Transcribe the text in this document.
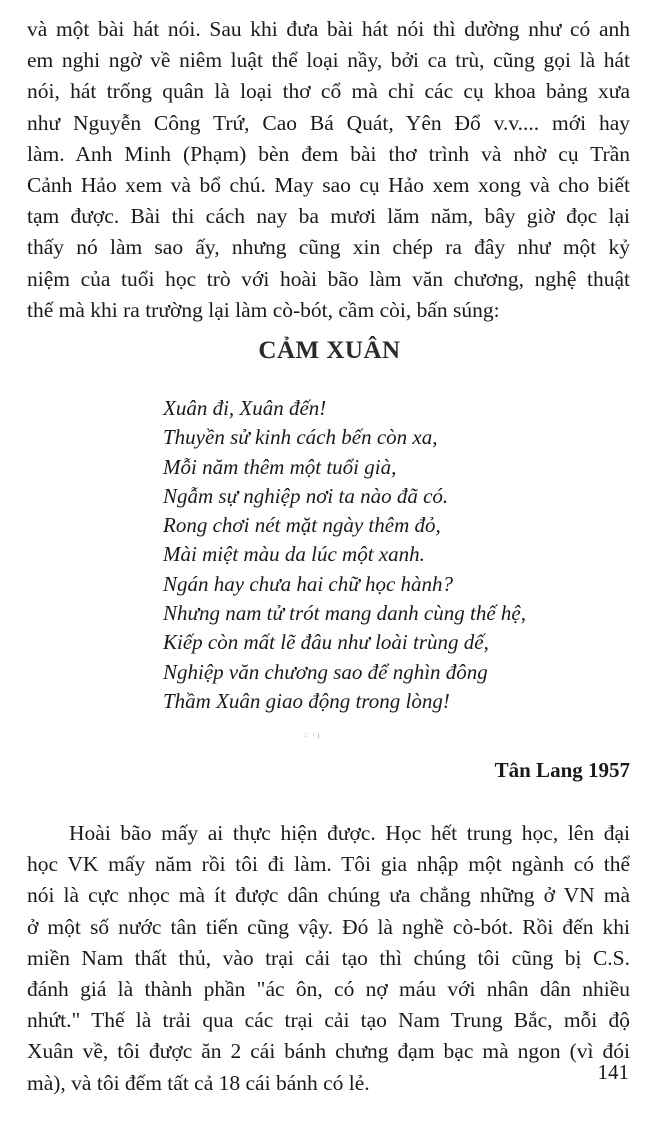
và một bài hát nói. Sau khi đưa bài hát nói thì dường như có anh
em nghi ngờ về niêm luật thể loại nầy, bởi ca trù, cũng gọi là hát
nói, hát trống quân là loại thơ cổ mà chỉ các cụ khoa bảng xưa
như Nguyễn Công Trứ, Cao Bá Quát, Yên Đổ v.v.... mới hay
làm. Anh Minh (Phạm) bèn đem bài thơ trình và nhờ cụ Trần
Cảnh Hảo xem và bổ chú. May sao cụ Hảo xem xong và cho biết
tạm được. Bài thi cách nay ba mươi lăm năm, bây giờ đọc lại
thấy nó làm sao ấy, nhưng cũng xin chép ra đây như một kỷ
niệm của tuổi học trò với hoài bão làm văn chương, nghệ thuật
thế mà khi ra trường lại làm cò-bót, cầm còi, bấn súng:
CẢM XUÂN
Xuân đi, Xuân đến!
Thuyền sử kinh cách bến còn xa,
Mỗi năm thêm một tuổi già,
Ngẫm sự nghiệp nơi ta nào đã có.
Rong chơi nét mặt ngày thêm đỏ,
Mài miệt màu da lúc một xanh.
Ngán hay chưa hai chữ học hành?
Nhưng nam tử trót mang danh cùng thế hệ,
Kiếp còn mất lẽ đâu như loài trùng dế,
Nghiệp văn chương sao để nghìn đông
Thầm Xuân giao động trong lòng!
⁘ ⋅ ı
Tân Lang 1957
Hoài bão mấy ai thực hiện được. Học hết trung học, lên đại
học VK mấy năm rồi tôi đi làm. Tôi gia nhập một ngành có thể
nói là cực nhọc mà ít được dân chúng ưa chẳng những ở VN mà
ở một số nước tân tiến cũng vậy. Đó là nghề cò-bót. Rồi đến khi
miền Nam thất thủ, vào trại cải tạo thì chúng tôi cũng bị C.S.
đánh giá là thành phần "ác ôn, có nợ máu với nhân dân nhiều
nhứt." Thế là trải qua các trại cải tạo Nam Trung Bắc, mỗi độ
Xuân về, tôi được ăn 2 cái bánh chưng đạm bạc mà ngon (vì đói
mà), và tôi đếm tất cả 18 cái bánh có lẻ.	141
